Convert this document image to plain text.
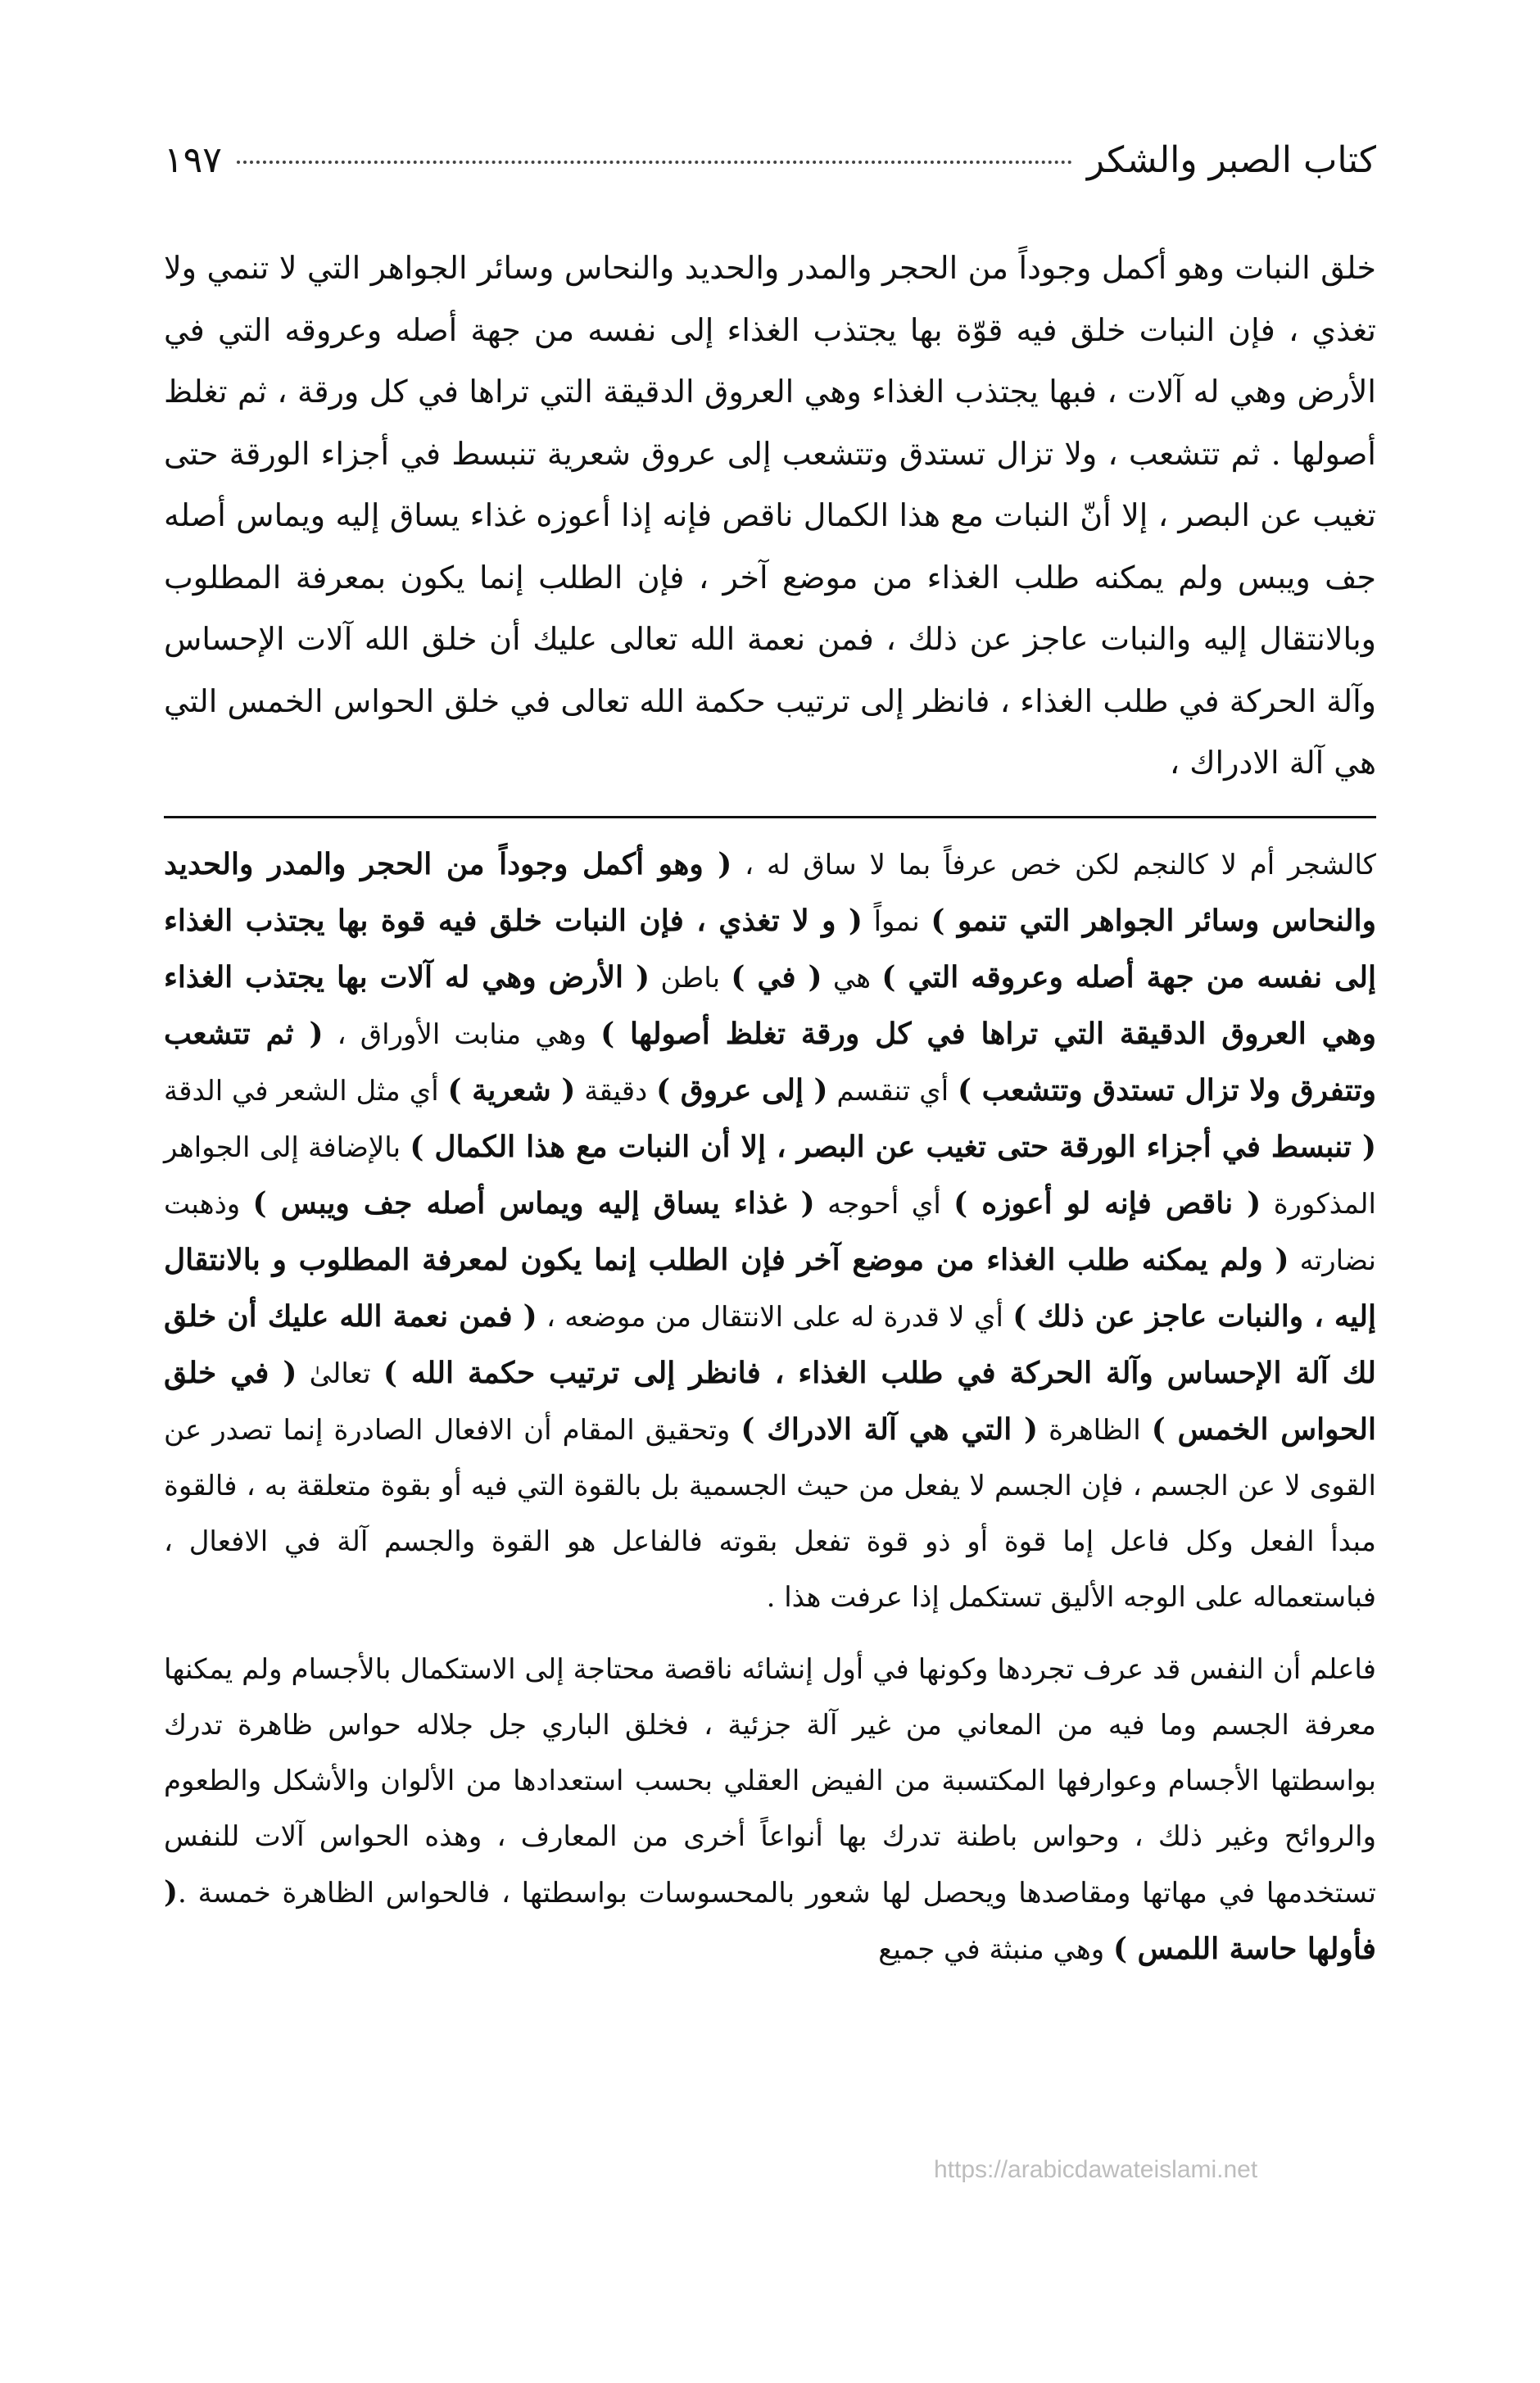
كتاب الصبر والشكر
١٩٧
خلق النبات وهو أكمل وجوداً من الحجر والمدر والحديد والنحاس وسائر الجواهر التي لا تنمي ولا تغذي ، فإن النبات خلق فيه قوّة بها يجتذب الغذاء إلى نفسه من جهة أصله وعروقه التي في الأرض وهي له آلات ، فبها يجتذب الغذاء وهي العروق الدقيقة التي تراها في كل ورقة ، ثم تغلظ أصولها . ثم تتشعب ، ولا تزال تستدق وتتشعب إلى عروق شعرية تنبسط في أجزاء الورقة حتى تغيب عن البصر ، إلا أنّ النبات مع هذا الكمال ناقص فإنه إذا أعوزه غذاء يساق إليه ويماس أصله جف ويبس ولم يمكنه طلب الغذاء من موضع آخر ، فإن الطلب إنما يكون بمعرفة المطلوب وبالانتقال إليه والنبات عاجز عن ذلك ، فمن نعمة الله تعالى عليك أن خلق الله آلات الإحساس وآلة الحركة في طلب الغذاء ، فانظر إلى ترتيب حكمة الله تعالى في خلق الحواس الخمس التي هي آلة الادراك ،
كالشجر أم لا كالنجم لكن خص عرفاً بما لا ساق له ، ( وهو أكمل وجوداً من الحجر والمدر والحديد والنحاس وسائر الجواهر التي تنمو ) نمواً ( و لا تغذي ، فإن النبات خلق فيه قوة بها يجتذب الغذاء إلى نفسه من جهة أصله وعروقه التي ) هي ( في ) باطن ( الأرض وهي له آلات بها يجتذب الغذاء وهي العروق الدقيقة التي تراها في كل ورقة تغلظ أصولها ) وهي منابت الأوراق ، ( ثم تتشعب وتتفرق ولا تزال تستدق وتتشعب ) أي تنقسم ( إلى عروق ) دقيقة ( شعرية ) أي مثل الشعر في الدقة ( تنبسط في أجزاء الورقة حتى تغيب عن البصر ، إلا أن النبات مع هذا الكمال ) بالإضافة إلى الجواهر المذكورة ( ناقص فإنه لو أعوزه ) أي أحوجه ( غذاء يساق إليه ويماس أصله جف ويبس ) وذهبت نضارته ( ولم يمكنه طلب الغذاء من موضع آخر فإن الطلب إنما يكون لمعرفة المطلوب و بالانتقال إليه ، والنبات عاجز عن ذلك ) أي لا قدرة له على الانتقال من موضعه ، ( فمن نعمة الله عليك أن خلق لك آلة الإحساس وآلة الحركة في طلب الغذاء ، فانظر إلى ترتيب حكمة الله ) تعالىٰ ( في خلق الحواس الخمس ) الظاهرة ( التي هي آلة الادراك ) وتحقيق المقام أن الافعال الصادرة إنما تصدر عن القوى لا عن الجسم ، فإن الجسم لا يفعل من حيث الجسمية بل بالقوة التي فيه أو بقوة متعلقة به ، فالقوة مبدأ الفعل وكل فاعل إما قوة أو ذو قوة تفعل بقوته فالفاعل هو القوة والجسم آلة في الافعال ، فباستعماله على الوجه الأليق تستكمل إذا عرفت هذا .
فاعلم أن النفس قد عرف تجردها وكونها في أول إنشائه ناقصة محتاجة إلى الاستكمال بالأجسام ولم يمكنها معرفة الجسم وما فيه من المعاني من غير آلة جزئية ، فخلق الباري جل جلاله حواس ظاهرة تدرك بواسطتها الأجسام وعوارفها المكتسبة من الفيض العقلي بحسب استعدادها من الألوان والأشكل والطعوم والروائح وغير ذلك ، وحواس باطنة تدرك بها أنواعاً أخرى من المعارف ، وهذه الحواس آلات للنفس تستخدمها في مهاتها ومقاصدها ويحصل لها شعور بالمحسوسات بواسطتها ، فالحواس الظاهرة خمسة .( فأولها حاسة اللمس ) وهي منبثة في جميع
https://arabicdawateislami.net
